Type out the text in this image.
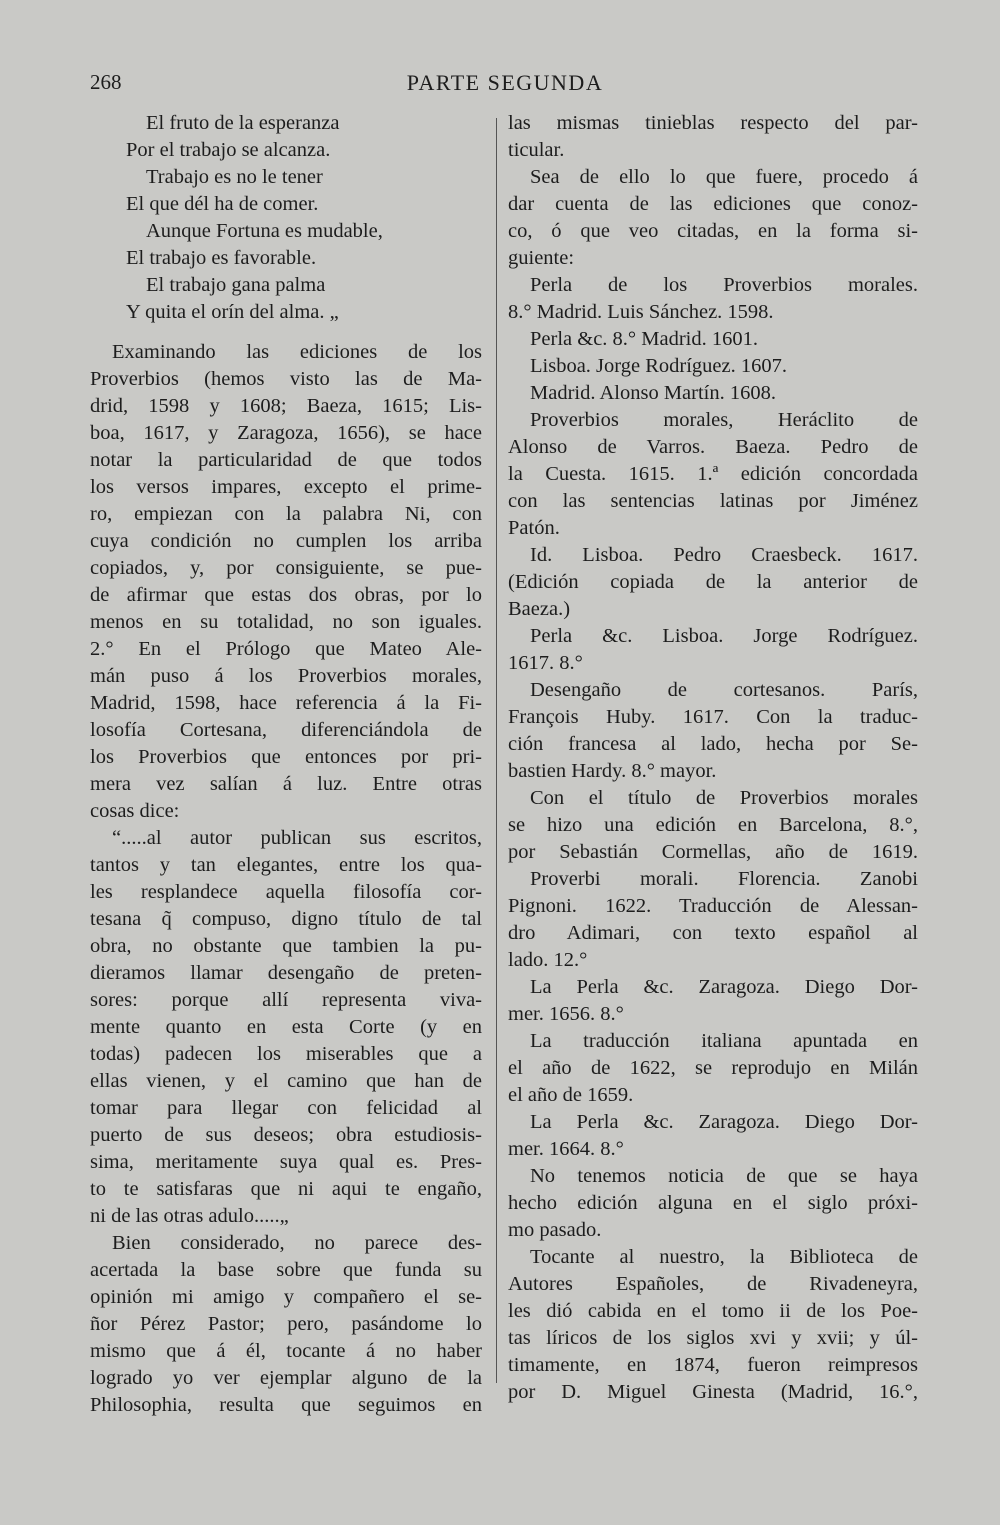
268	PARTE SEGUNDA
El fruto de la esperanza
Por el trabajo se alcanza.
Trabajo es no le tener
El que dél ha de comer.
Aunque Fortuna es mudable,
El trabajo es favorable.
El trabajo gana palma
Y quita el orín del alma. „
Examinando las ediciones de los
Proverbios (hemos visto las de Ma-
drid, 1598 y 1608; Baeza, 1615; Lis-
boa, 1617, y Zaragoza, 1656), se hace
notar la particularidad de que todos
los versos impares, excepto el prime-
ro, empiezan con la palabra Ni, con
cuya condición no cumplen los arriba
copiados, y, por consiguiente, se pue-
de afirmar que estas dos obras, por lo
menos en su totalidad, no son iguales.
2.° En el Prólogo que Mateo Ale-
mán puso á los Proverbios morales,
Madrid, 1598, hace referencia á la Fi-
losofía Cortesana, diferenciándola de
los Proverbios que entonces por pri-
mera vez salían á luz. Entre otras
cosas dice:
“.....al autor publican sus escritos,
tantos y tan elegantes, entre los qua-
les resplandece aquella filosofía cor-
tesana q̃ compuso, digno título de tal
obra, no obstante que tambien la pu-
dieramos llamar desengaño de preten-
sores: porque allí representa viva-
mente quanto en esta Corte (y en
todas) padecen los miserables que a
ellas vienen, y el camino que han de
tomar para llegar con felicidad al
puerto de sus deseos; obra estudiosis-
sima, meritamente suya qual es. Pres-
to te satisfaras que ni aqui te engaño,
ni de las otras adulo.....„
Bien considerado, no parece des-
acertada la base sobre que funda su
opinión mi amigo y compañero el se-
ñor Pérez Pastor; pero, pasándome lo
mismo que á él, tocante á no haber
logrado yo ver ejemplar alguno de la
Philosophia, resulta que seguimos en
las mismas tinieblas respecto del par-
ticular.
Sea de ello lo que fuere, procedo á
dar cuenta de las ediciones que conoz-
co, ó que veo citadas, en la forma si-
guiente:
Perla de los Proverbios morales.
8.° Madrid. Luis Sánchez. 1598.
Perla &c. 8.° Madrid. 1601.
Lisboa. Jorge Rodríguez. 1607.
Madrid. Alonso Martín. 1608.
Proverbios morales, Heráclito de
Alonso de Varros. Baeza. Pedro de
la Cuesta. 1615. 1.ª edición concordada
con las sentencias latinas por Jiménez
Patón.
Id. Lisboa. Pedro Craesbeck. 1617.
(Edición copiada de la anterior de
Baeza.)
Perla &c. Lisboa. Jorge Rodríguez.
1617. 8.°
Desengaño de cortesanos. París,
François Huby. 1617. Con la traduc-
ción francesa al lado, hecha por Se-
bastien Hardy. 8.° mayor.
Con el título de Proverbios morales
se hizo una edición en Barcelona, 8.°,
por Sebastián Cormellas, año de 1619.
Proverbi morali. Florencia. Zanobi
Pignoni. 1622. Traducción de Alessan-
dro Adimari, con texto español al
lado. 12.°
La Perla &c. Zaragoza. Diego Dor-
mer. 1656. 8.°
La traducción italiana apuntada en
el año de 1622, se reprodujo en Milán
el año de 1659.
La Perla &c. Zaragoza. Diego Dor-
mer. 1664. 8.°
No tenemos noticia de que se haya
hecho edición alguna en el siglo próxi-
mo pasado.
Tocante al nuestro, la Biblioteca de
Autores Españoles, de Rivadeneyra,
les dió cabida en el tomo ii de los Poe-
tas líricos de los siglos xvi y xvii; y úl-
timamente, en 1874, fueron reimpresos
por D. Miguel Ginesta (Madrid, 16.°,
